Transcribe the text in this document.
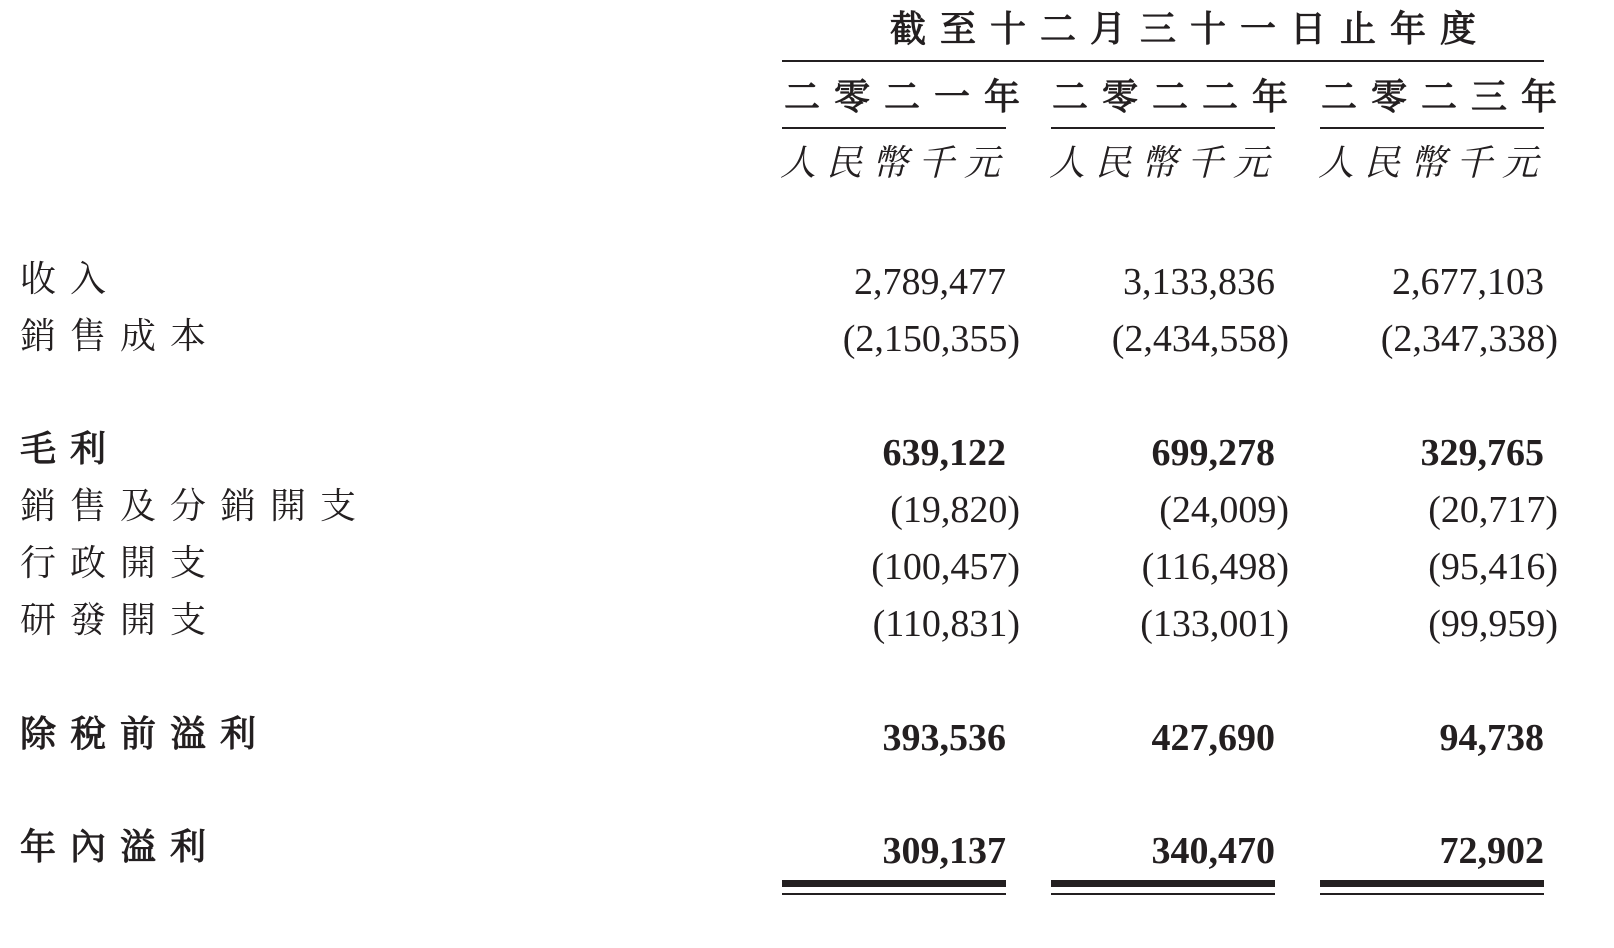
截至十二月三十一日止年度
二零二一年 二零二二年 二零二三年
人民幣千元 人民幣千元 人民幣千元
收入	2,789,477	3,133,836	2,677,103
銷售成本	(2,150,355) (2,434,558) (2,347,338)
毛利	639,122	699,278	329,765
銷售及分銷開支	(19,820)	(24,009)	(20,717)
行政開支	(100,457)	(116,498)	(95,416)
研發開支	(110,831)	(133,001)	(99,959)
除稅前溢利	393,536	427,690	94,738
年內溢利	309,137	340,470	72,902
